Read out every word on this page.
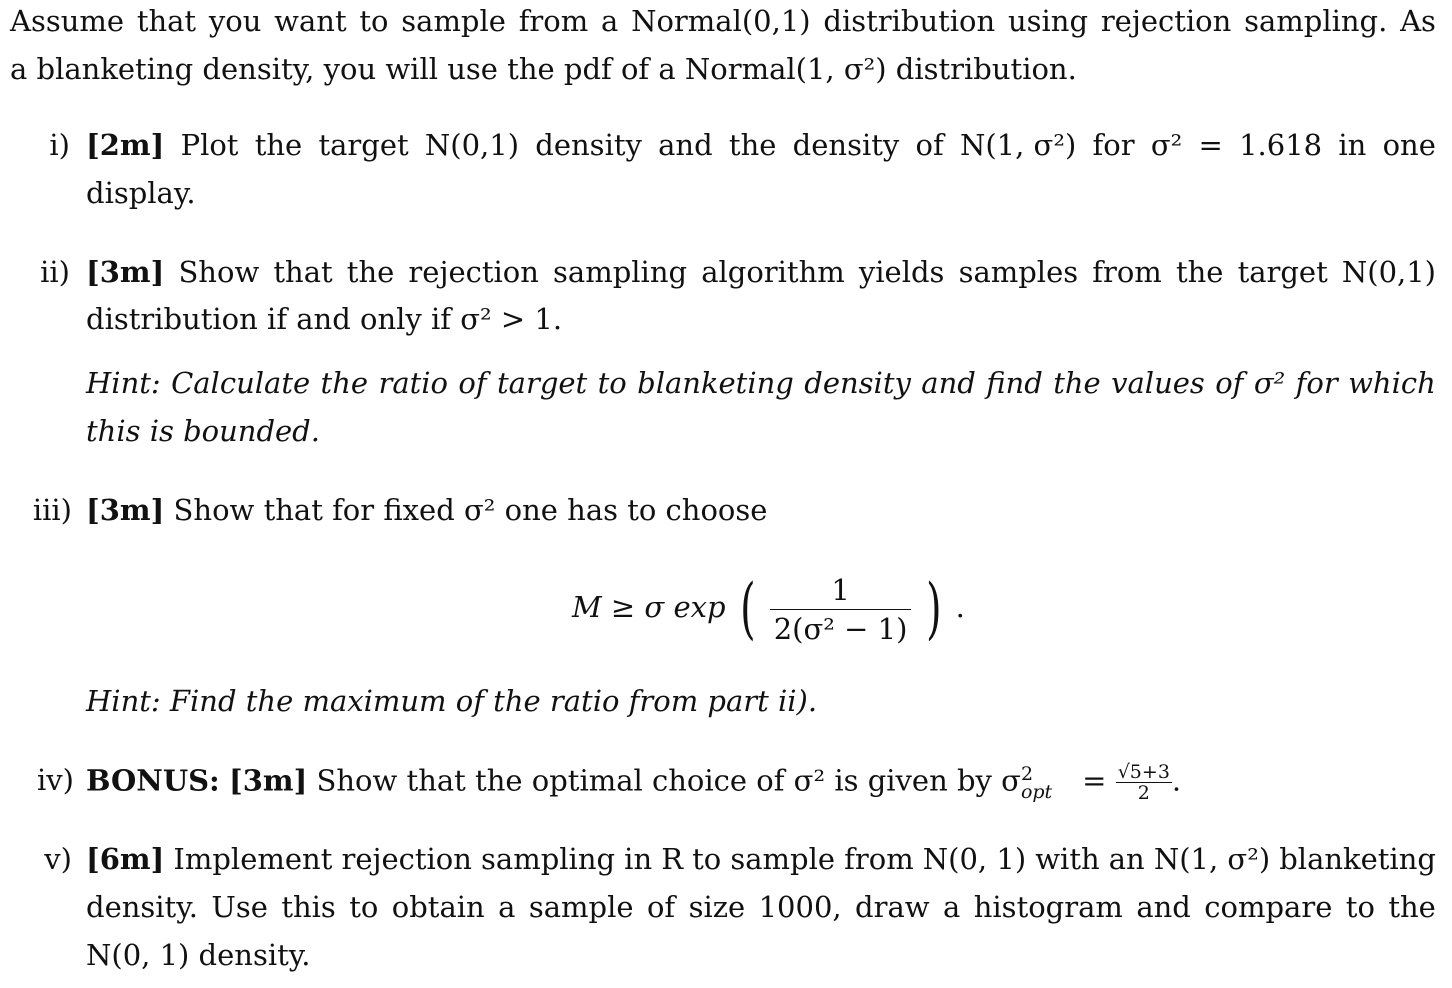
Assume that you want to sample from a Normal(0,1) distribution using rejection sampling. As
a blanketing density, you will use the pdf of a Normal(1, σ²) distribution.
i) [2m] Plot the target N(0,1) density and the density of N(1, σ²) for σ² = 1.618 in one
display.
ii) [3m] Show that the rejection sampling algorithm yields samples from the target N(0,1)
distribution if and only if σ² > 1.
Hint: Calculate the ratio of target to blanketing density and find the values of σ² for which
this is bounded.
iii) [3m] Show that for fixed σ² one has to choose
M ≥ σ exp ( $\frac{1}{\text{2(σ² − 1)}}$ ) .
Hint: Find the maximum of the ratio from part ii).
iv) BONUS: [3m] Show that the optimal choice of σ² is given by σ 2
opt = $\frac{√5+3}{2}$ .
v) [6m] Implement rejection sampling in R to sample from N(0, 1) with an N(1, σ²) blanketing
density. Use this to obtain a sample of size 1000, draw a histogram and compare to the
N(0, 1) density.
